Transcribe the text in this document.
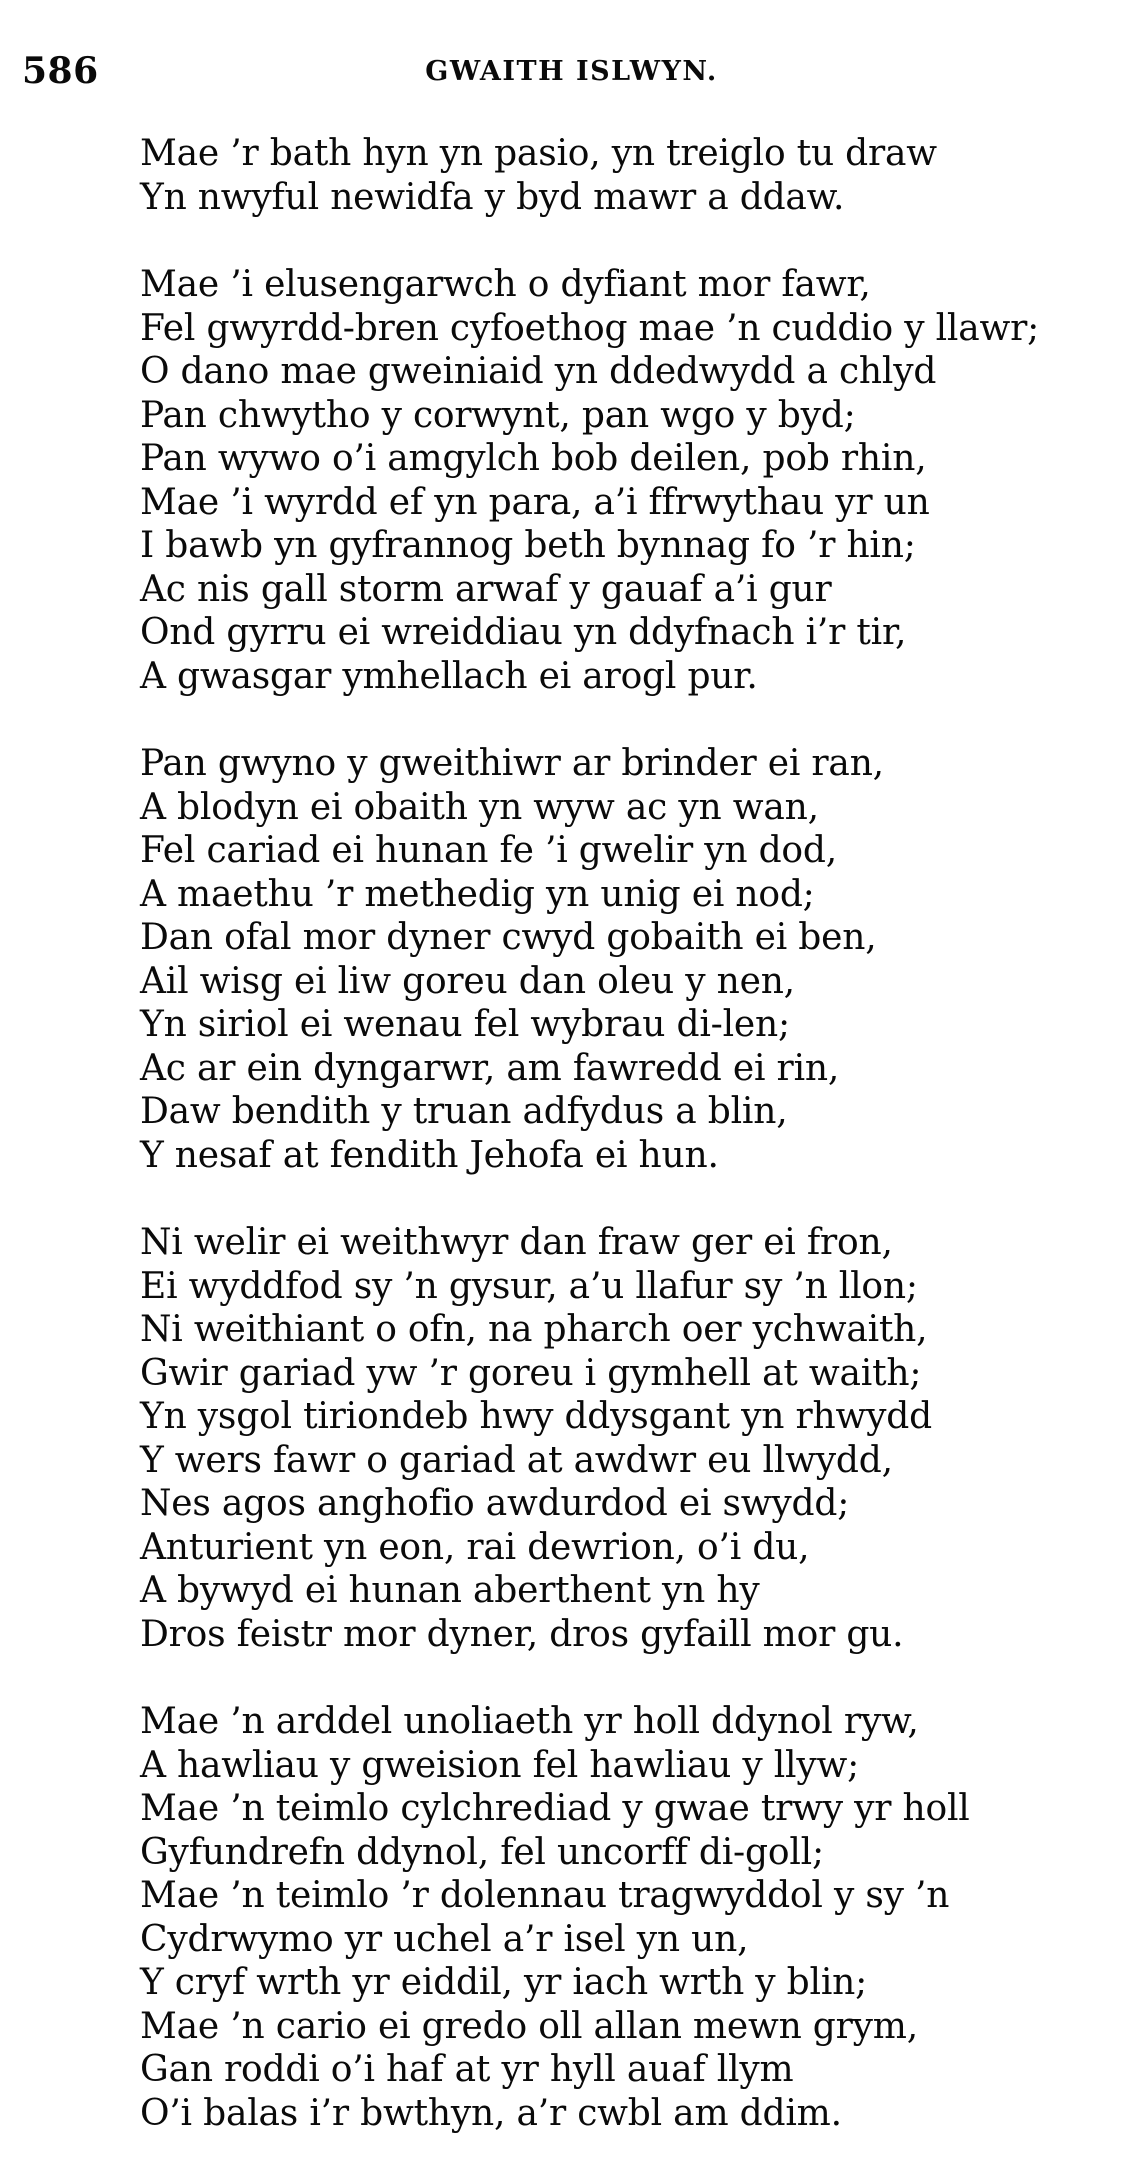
586	GWAITH ISLWYN.
Mae ’r bath hyn yn pasio, yn treiglo tu draw
Yn nwyful newidfa y byd mawr a ddaw.
Mae ’i elusengarwch o dyfiant mor fawr,
Fel gwyrdd-bren cyfoethog mae ’n cuddio y llawr;
O dano mae gweiniaid yn ddedwydd a chlyd
Pan chwytho y corwynt, pan wgo y byd;
Pan wywo o’i amgylch bob deilen, pob rhin,
Mae ’i wyrdd ef yn para, a’i ffrwythau yr un
I bawb yn gyfrannog beth bynnag fo ’r hin;
Ac nis gall storm arwaf y gauaf a’i gur
Ond gyrru ei wreiddiau yn ddyfnach i’r tir,
A gwasgar ymhellach ei arogl pur.
Pan gwyno y gweithiwr ar brinder ei ran,
A blodyn ei obaith yn wyw ac yn wan,
Fel cariad ei hunan fe ’i gwelir yn dod,
A maethu ’r methedig yn unig ei nod;
Dan ofal mor dyner cwyd gobaith ei ben,
Ail wisg ei liw goreu dan oleu y nen,
Yn siriol ei wenau fel wybrau di-len;
Ac ar ein dyngarwr, am fawredd ei rin,
Daw bendith y truan adfydus a blin,
Y nesaf at fendith Jehofa ei hun.
Ni welir ei weithwyr dan fraw ger ei fron,
Ei wyddfod sy ’n gysur, a’u llafur sy ’n llon;
Ni weithiant o ofn, na pharch oer ychwaith,
Gwir gariad yw ’r goreu i gymhell at waith;
Yn ysgol tiriondeb hwy ddysgant yn rhwydd
Y wers fawr o gariad at awdwr eu llwydd,
Nes agos anghofio awdurdod ei swydd;
Anturient yn eon, rai dewrion, o’i du,
A bywyd ei hunan aberthent yn hy
Dros feistr mor dyner, dros gyfaill mor gu.
Mae ’n arddel unoliaeth yr holl ddynol ryw,
A hawliau y gweision fel hawliau y llyw;
Mae ’n teimlo cylchrediad y gwae trwy yr holl
Gyfundrefn ddynol, fel uncorff di-goll;
Mae ’n teimlo ’r dolennau tragwyddol y sy ’n
Cydrwymo yr uchel a’r isel yn un,
Y cryf wrth yr eiddil, yr iach wrth y blin;
Mae ’n cario ei gredo oll allan mewn grym,
Gan roddi o’i haf at yr hyll auaf llym
O’i balas i’r bwthyn, a’r cwbl am ddim.
